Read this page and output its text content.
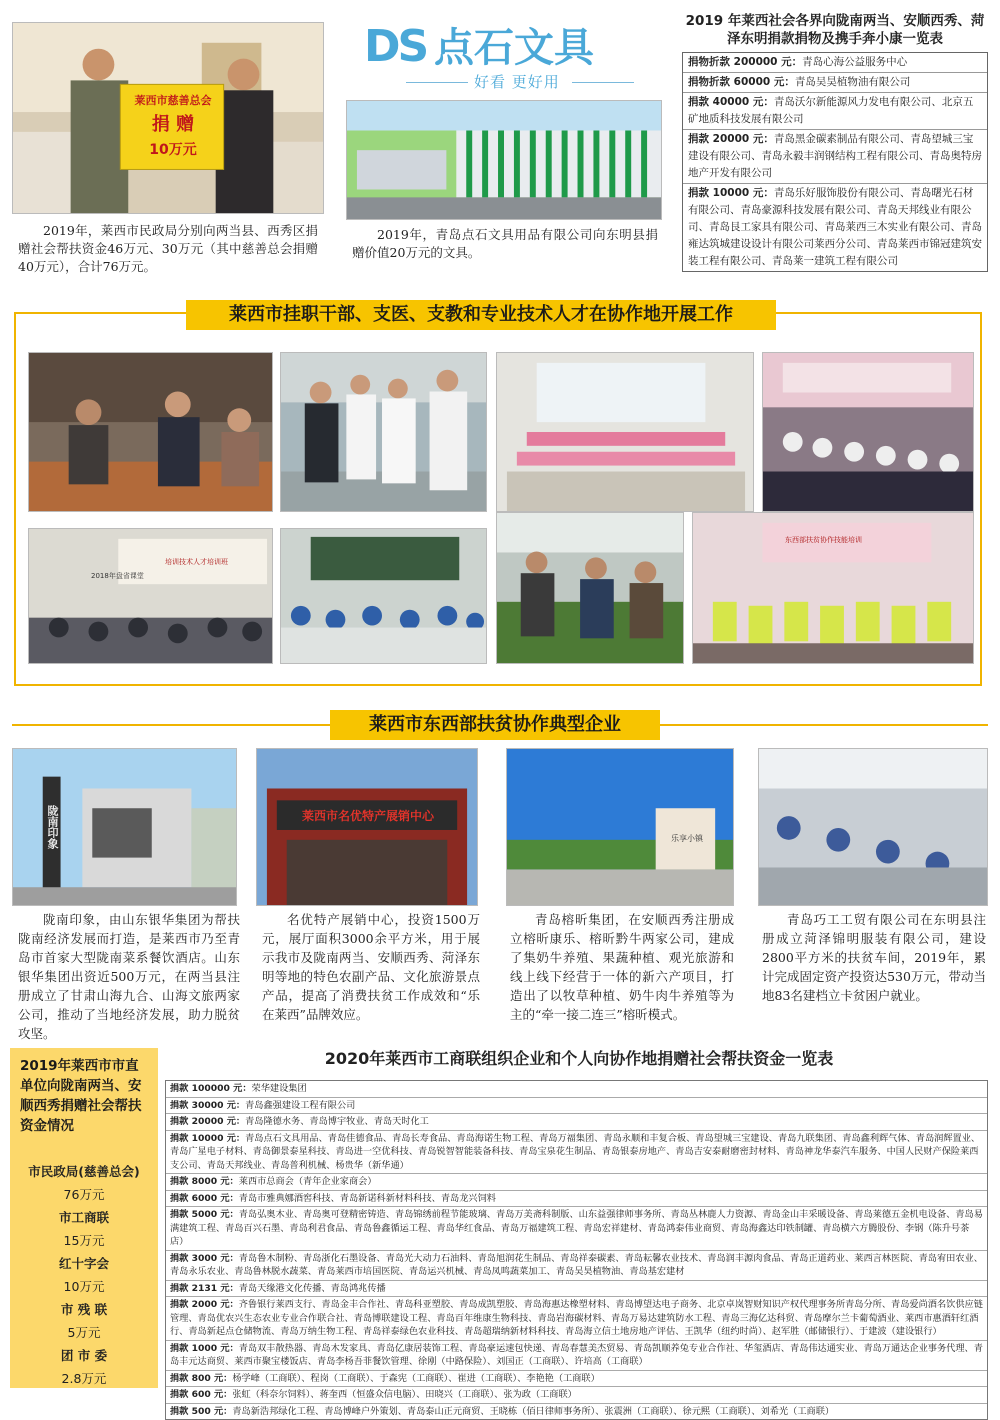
莱西市慈善总会
捐 赠
10万元
2019年，莱西市民政局分别向两当县、西秀区捐赠社会帮扶资金46万元、30万元（其中慈善总会捐赠40万元），合计76万元。
DS 点石文具
好看 更好用
2019年，青岛点石文具用品有限公司向东明县捐赠价值20万元的文具。
2019 年莱西社会各界向陇南两当、安顺西秀、菏泽东明捐款捐物及携手奔小康一览表
捐物折款 200000 元：青岛心海公益服务中心
捐物折款 60000 元：青岛吴昊植物油有限公司
捐款 40000 元：青岛沃尔新能源风力发电有限公司、北京五矿地质科技发展有限公司
捐款 20000 元：青岛黑金碳素制品有限公司、青岛望城三宝建设有限公司、青岛永毅丰润钢结构工程有限公司、青岛奥特房地产开发有限公司
捐款 10000 元：青岛乐好服饰股份有限公司、青岛曙光石材有限公司、青岛豪源科技发展有限公司、青岛天邦线业有限公司、青岛艮工家具有限公司、青岛莱西三木实业有限公司、青岛雍达筑城建设设计有限公司莱西分公司、青岛莱西市锦冠建筑安装工程有限公司、青岛莱一建筑工程有限公司
莱西市挂职干部、支医、支教和专业技术人才在协作地开展工作
2018年盘省课堂
培训技术人才培训班
东西部扶贫协作技能培训
莱西市东西部扶贫协作典型企业
陇南印象	莱西市名优特产展销中心
乐享小镇
陇南印象，由山东银华集团为帮扶陇南经济发展而打造，是莱西市乃至青岛市首家大型陇南菜系餐饮酒店。山东银华集团出资近500万元，在两当县注册成立了甘肃山海九合、山海文旅两家公司，推动了当地经济发展，助力脱贫攻坚。
名优特产展销中心，投资1500万元，展厅面积3000余平方米，用于展示我市及陇南两当、安顺西秀、菏泽东明等地的特色农副产品、文化旅游景点产品，提高了消费扶贫工作成效和“乐在莱西”品牌效应。
青岛榕昕集团，在安顺西秀注册成立榕昕康乐、榕昕黔牛两家公司，建成了集奶牛养殖、果蔬种植、观光旅游和线上线下经营于一体的新六产项目，打造出了以牧草种植、奶牛肉牛养殖等为主的“牵一接二连三”榕昕模式。
青岛巧工工贸有限公司在东明县注册成立菏泽锦明服装有限公司，建设2800平方米的扶贫车间，2019年，累计完成固定资产投资达530万元，带动当地83名建档立卡贫困户就业。
2019年莱西市市直单位向陇南两当、安顺西秀捐赠社会帮扶资金情况
市民政局(慈善总会)
76万元
市工商联
15万元
红十字会
10万元
市 残 联
5万元
团 市 委
2.8万元
2020年莱西市工商联组织企业和个人向协作地捐赠社会帮扶资金一览表
捐款 100000 元：荣华建设集团
捐款 30000 元：青岛鑫强建设工程有限公司
捐款 20000 元：青岛隆德水务、青岛博宇牧业、青岛天时化工
捐款 10000 元：青岛点石文具用品、青岛佳德食品、青岛长寿食品、青岛海诺生物工程、青岛万福集团、青岛永顺和丰复合板、青岛望城三宝建设、青岛九联集团、青岛鑫利辉气体、青岛润辉置业、青岛广星电子材料、青岛御景泰星科技、青岛进一空优科技、青岛锐智智能装备科技、青岛宝泉花生制品、青岛银泰房地产、青岛吉安泰耐磨密封材料、青岛神龙华泰汽车服务、中国人民财产保险莱西支公司、青岛天邦线业、青岛普利机械、杨贵华（新华通）
捐款 8000 元：莱西市总商会（青年企业家商会）
捐款 6000 元：青岛市雅典娜酒窖科技、青岛新诺科新材料科技、青岛龙兴饲料
捐款 5000 元：青岛弘奥木业、青岛奥可登精密铸造、青岛锦绣前程节能玻璃、青岛万美斋科制版、山东益强律师事务所、青岛丛林鹿人力资源、青岛金山丰采暖设备、青岛莱德五金机电设备、青岛易满建筑工程、青岛百兴石墨、青岛利君食品、青岛鲁鑫循运工程、青岛华红食品、青岛万福建筑工程、青岛宏祥建材、青岛鸿泰伟业商贸、青岛海鑫达印铁制罐、青岛横六方腾股份、李钢（陈升号茶店）
捐款 3000 元：青岛鲁木制粉、青岛浙化石墨设备、青岛光大动力石油料、青岛旭润花生制品、青岛祥泰碳素、青岛耘馨农业技术、青岛润丰源肉食品、青岛正道药业、莱西言林医院、青岛宥田农业、青岛永乐农业、青岛鲁林脱水蔬菜、青岛莱西市培国医院、青岛运兴机械、青岛凤鸣蔬菜加工、青岛吴昊植物油、青岛基宏建材
捐款 2131 元：青岛天缘港文化传播、青岛鸿兆传播
捐款 2000 元：齐鲁银行莱西支行、青岛金丰合作社、青岛科亚塑胶、青岛成凯塑胶、青岛海惠达橡塑材料、青岛博望达电子商务、北京卓岚智财知识产权代理事务所青岛分所、青岛爱尚酒名饮供应链管理、青岛优农兴生态农业专业合作联合社、青岛博联建设工程、青岛百年维康生物科技、青岛岩海碳材料、青岛万易达建筑防水工程、青岛三海亿达科贸、青岛摩尔兰卡葡萄酒业、莱西市惠酒轩红酒行、青岛新起点仓储物流、青岛万纳生物工程、青岛祥泰绿色农业科技、青岛超瑞纳新材料科技、青岛海立信土地房地产评估、王凯华（纽约时尚）、赵军胜（邮储银行）、于建波（建设银行）
捐款 1000 元：青岛双丰散热器、青岛木发家具、青岛亿康居装饰工程、青岛豪运速包快递、青岛春慧美杰贸易、青岛凯顺养兔专业合作社、华玺酒店、青岛伟达通实业、青岛万通达企业事务代理、青岛丰元达商贸、莱西市聚宝楼饭店、青岛李杨吾菲餐饮管理、徐刚（中路保险）、刘国正（工商联）、许培高（工商联）
捐款 800 元：杨学峰（工商联）、程岗（工商联）、于森宪（工商联）、崔进（工商联）、李艳艳（工商联）
捐款 600 元：张虹（科奈尔饲料）、蒋奎西（恒盛众信电脑）、田晓兴（工商联）、张为政（工商联）
捐款 500 元：青岛新浩邦绿化工程、青岛博峰户外策划、青岛泰山正元商贸、王晓栋（佰日律师事务所）、张震洲（工商联）、徐元熙（工商联）、刘希光（工商联）
